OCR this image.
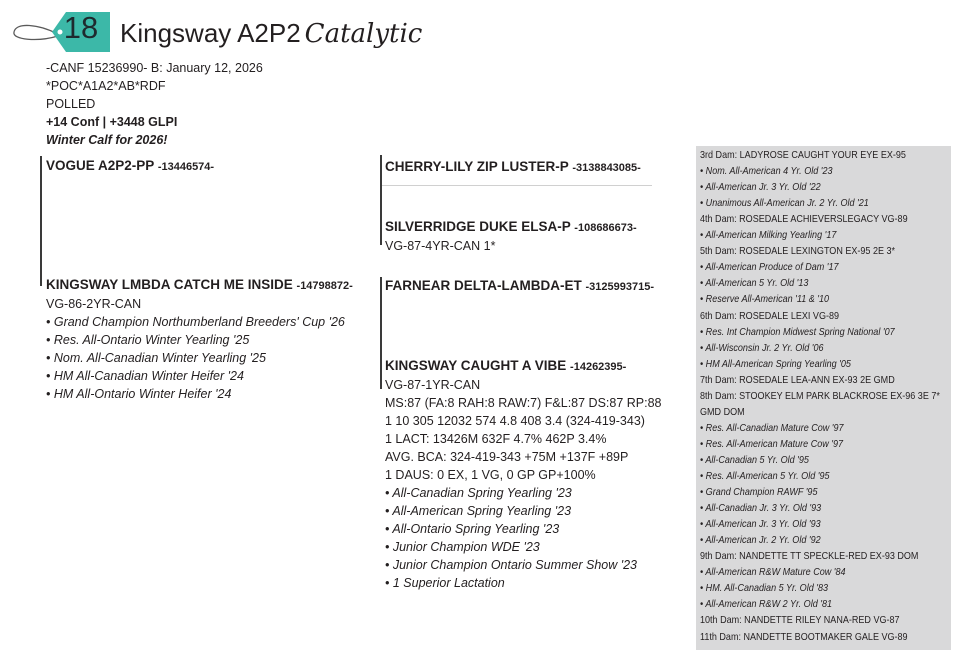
18 Kingsway A2P2 Catalytic
-CANF 15236990- B: January 12, 2026
*POC*A1A2*AB*RDF
POLLED
+14 Conf | +3448 GLPI
Winter Calf for 2026!
VOGUE A2P2-PP -13446574-
KINGSWAY LMBDA CATCH ME INSIDE -14798872-
VG-86-2YR-CAN
• Grand Champion Northumberland Breeders' Cup '26
• Res. All-Ontario Winter Yearling '25
• Nom. All-Canadian Winter Yearling '25
• HM All-Canadian Winter Heifer '24
• HM All-Ontario Winter Heifer '24
CHERRY-LILY ZIP LUSTER-P -3138843085-
SILVERRIDGE DUKE ELSA-P -108686673-
VG-87-4YR-CAN 1*
FARNEAR DELTA-LAMBDA-ET -3125993715-
KINGSWAY CAUGHT A VIBE -14262395-
VG-87-1YR-CAN
MS:87 (FA:8 RAH:8 RAW:7) F&L:87 DS:87 RP:88
1 10 305 12032 574 4.8 408 3.4 (324-419-343)
1 LACT: 13426M 632F 4.7% 462P 3.4%
AVG. BCA: 324-419-343 +75M +137F +89P
1 DAUS: 0 EX, 1 VG, 0 GP GP+100%
• All-Canadian Spring Yearling '23
• All-American Spring Yearling '23
• All-Ontario Spring Yearling '23
• Junior Champion WDE '23
• Junior Champion Ontario Summer Show '23
• 1 Superior Lactation
3rd Dam: LADYROSE CAUGHT YOUR EYE EX-95
• Nom. All-American 4 Yr. Old '23
• All-American Jr. 3 Yr. Old '22
• Unanimous All-American Jr. 2 Yr. Old '21
4th Dam: ROSEDALE ACHIEVERSLEGACY VG-89
• All-American Milking Yearling '17
5th Dam: ROSEDALE LEXINGTON EX-95 2E 3*
• All-American Produce of Dam '17
• All-American 5 Yr. Old '13
• Reserve All-American '11 & '10
6th Dam: ROSEDALE LEXI VG-89
• Res. Int Champion Midwest Spring National '07
• All-Wisconsin Jr. 2 Yr. Old '06
• HM All-American Spring Yearling '05
7th Dam: ROSEDALE LEA-ANN EX-93 2E GMD
8th Dam: STOOKEY ELM PARK BLACKROSE EX-96 3E 7*
GMD DOM
• Res. All-Canadian Mature Cow '97
• Res. All-American Mature Cow '97
• All-Canadian 5 Yr. Old '95
• Res. All-American 5 Yr. Old '95
• Grand Champion RAWF '95
• All-Canadian Jr. 3 Yr. Old '93
• All-American Jr. 3 Yr. Old '93
• All-American Jr. 2 Yr. Old '92
9th Dam: NANDETTE TT SPECKLE-RED EX-93 DOM
• All-American R&W Mature Cow '84
• HM. All-Canadian 5 Yr. Old '83
• All-American R&W 2 Yr. Old '81
10th Dam: NANDETTE RILEY NANA-RED VG-87
11th Dam: NANDETTE BOOTMAKER GALE VG-89
